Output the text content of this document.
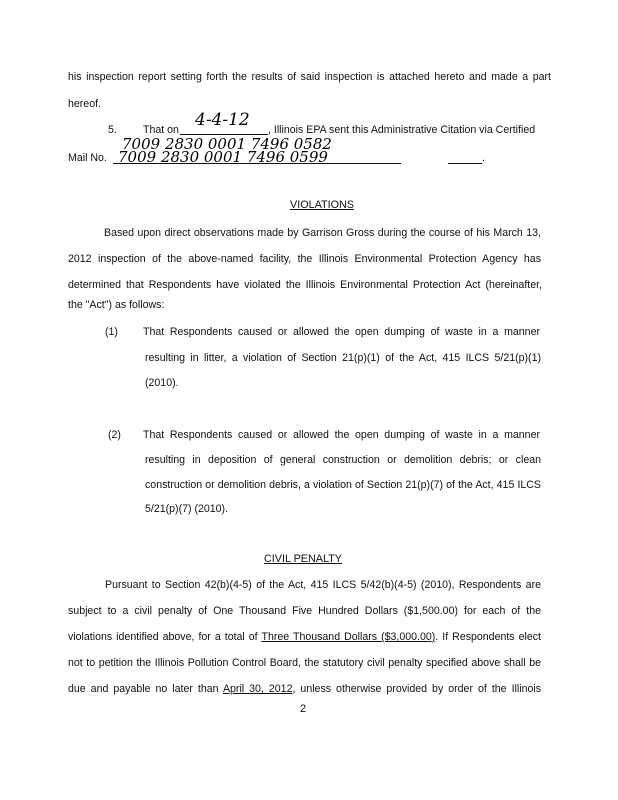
his inspection report setting forth the results of said inspection is attached hereto and made a part
hereof.
5. That on 4-4-12 , Illinois EPA sent this Administrative Citation via Certified
7009 2830 0001 7496 0582
Mail No. 7009 2830 0001 7496 0599	.
VIOLATIONS
Based upon direct observations made by Garrison Gross during the course of his March 13,
2012 inspection of the above-named facility, the Illinois Environmental Protection Agency has
determined that Respondents have violated the Illinois Environmental Protection Act (hereinafter,
the "Act") as follows:
(1) That Respondents caused or allowed the open dumping of waste in a manner
resulting in litter, a violation of Section 21(p)(1) of the Act, 415 ILCS 5/21(p)(1)
(2010).
(2) That Respondents caused or allowed the open dumping of waste in a manner
resulting in deposition of general construction or demolition debris; or clean
construction or demolition debris, a violation of Section 21(p)(7) of the Act, 415 ILCS
5/21(p)(7) (2010).
CIVIL PENALTY
Pursuant to Section 42(b)(4-5) of the Act, 415 ILCS 5/42(b)(4-5) (2010), Respondents are
subject to a civil penalty of One Thousand Five Hundred Dollars ($1,500.00) for each of the
violations identified above, for a total of Three Thousand Dollars ($3,000.00). If Respondents elect
not to petition the Illinois Pollution Control Board, the statutory civil penalty specified above shall be
due and payable no later than April 30, 2012, unless otherwise provided by order of the Illinois
2
